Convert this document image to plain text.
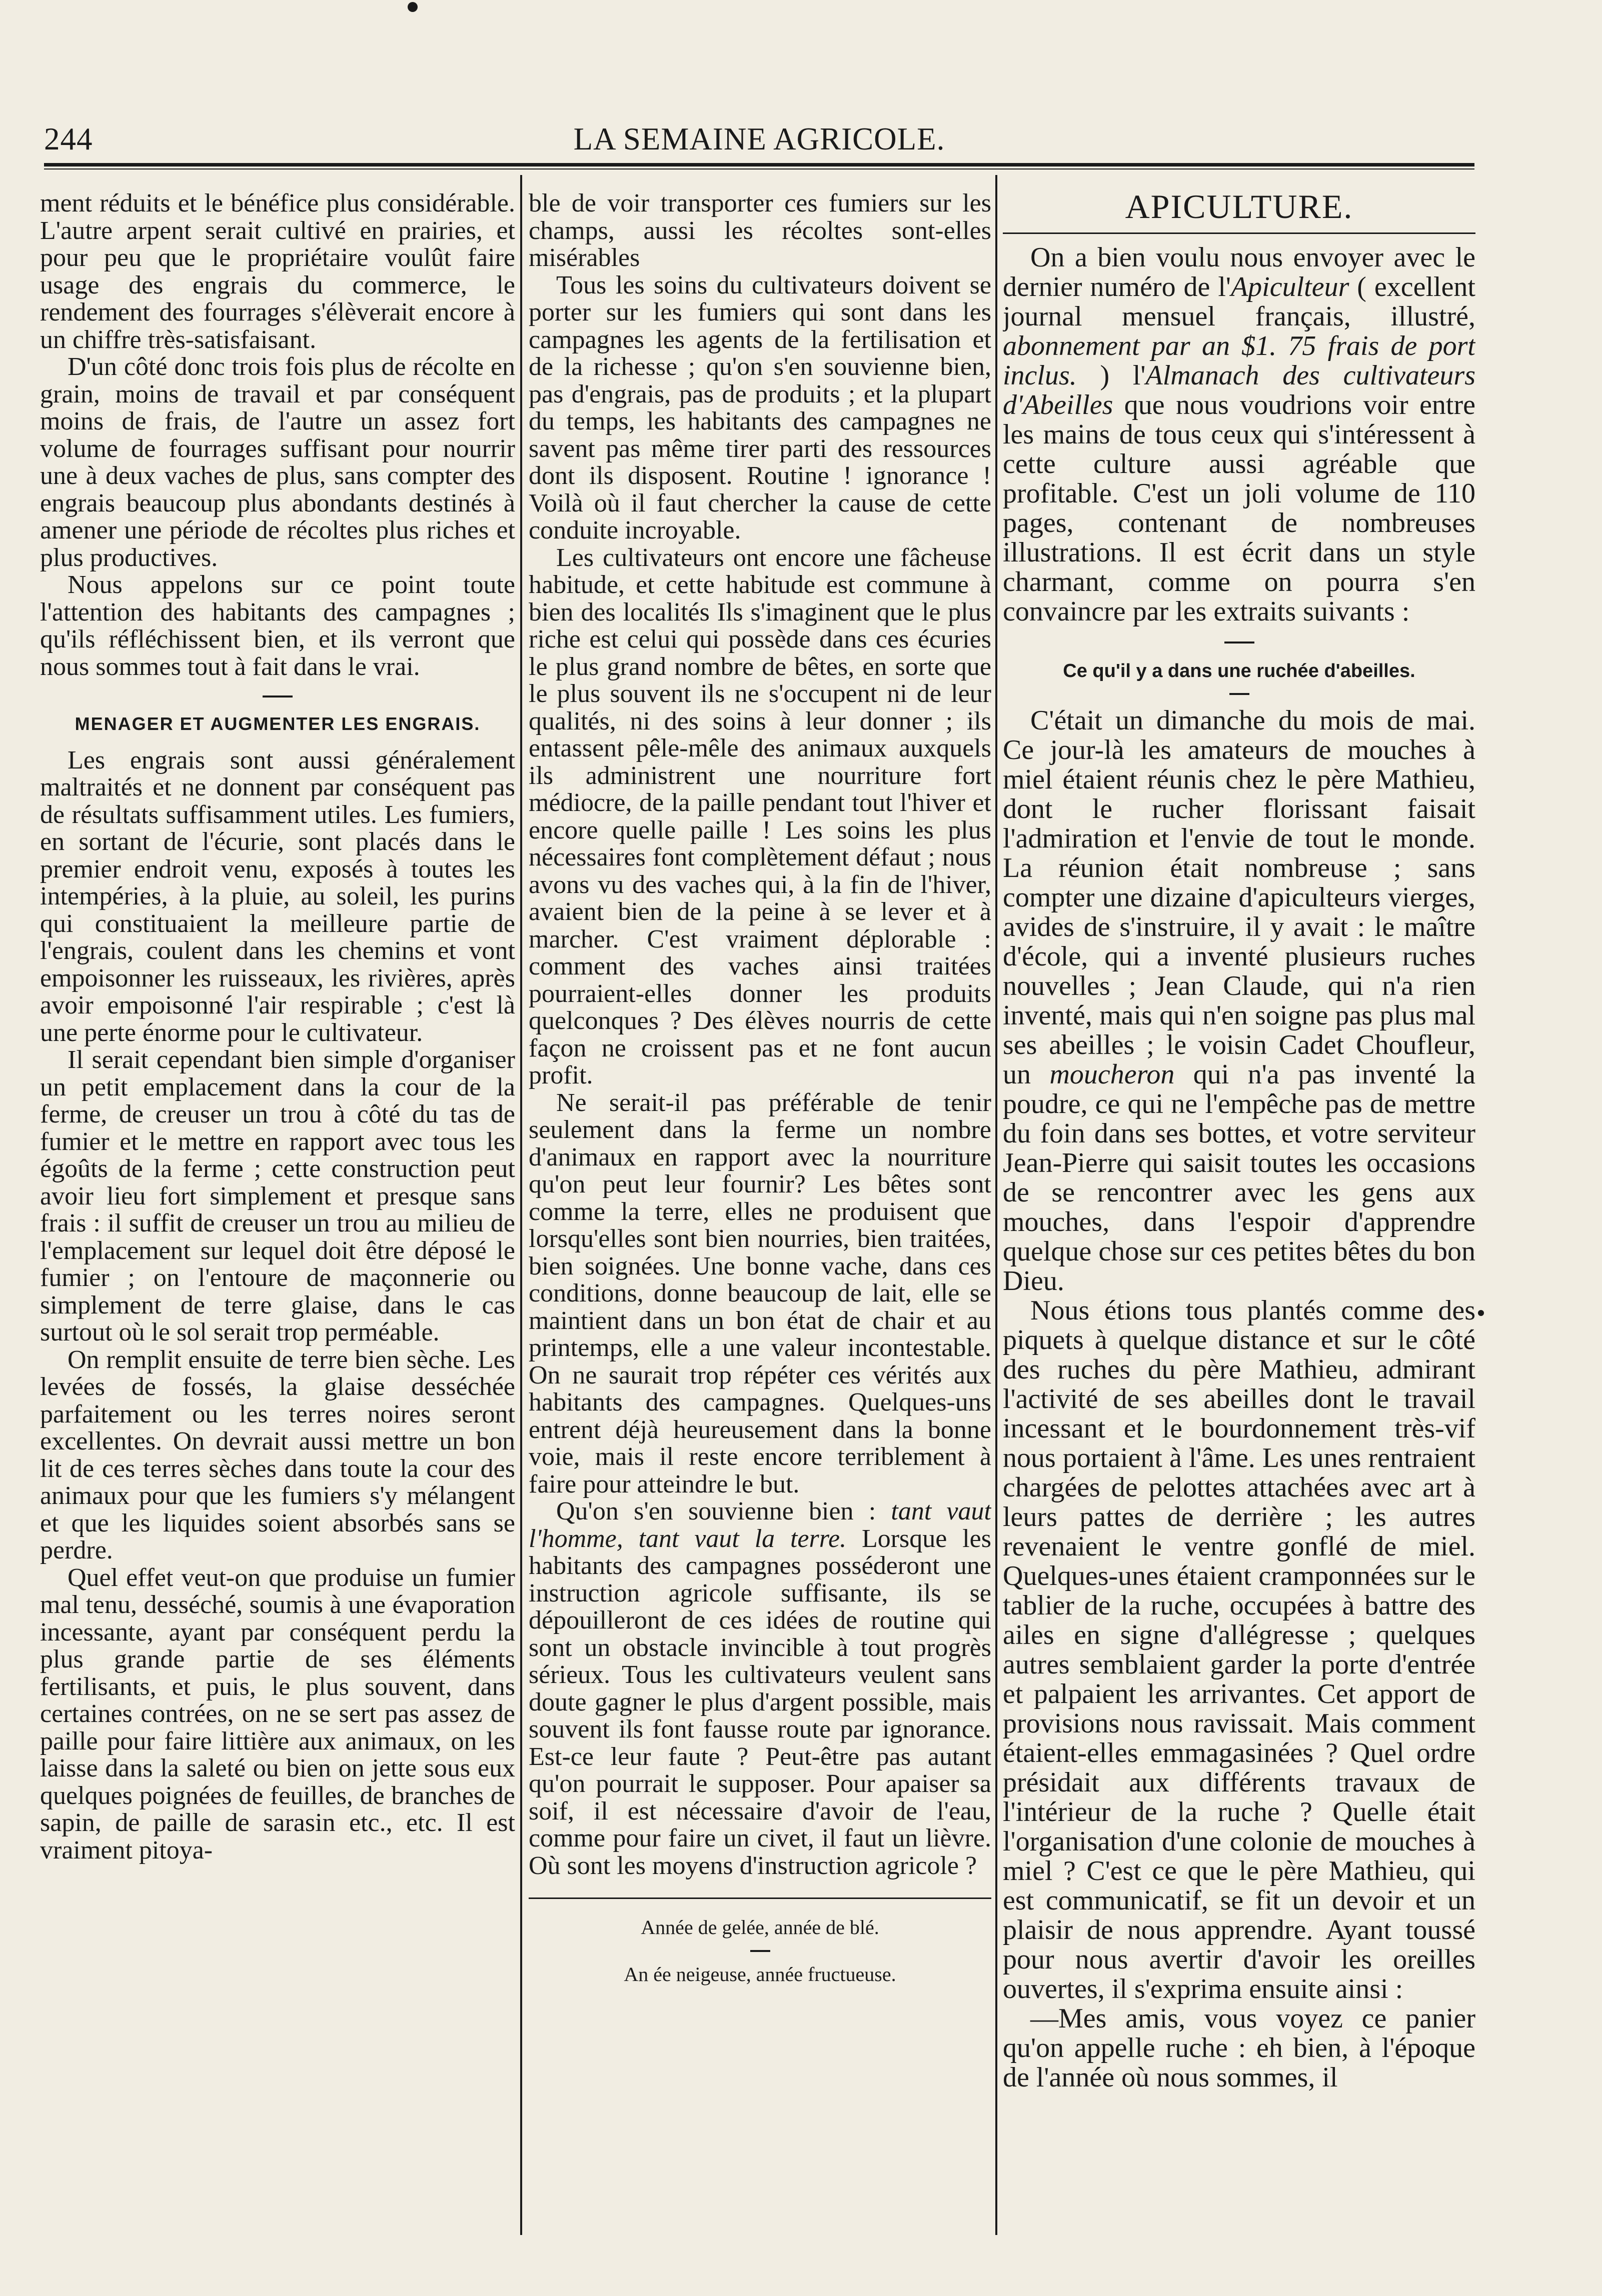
244	LA SEMAINE AGRICOLE.

ment réduits et le bénéfice plus considérable. L'autre arpent serait cultivé en prairies, et pour peu que le propriétaire voulût faire usage des engrais du commerce, le rendement des fourrages s'élèverait encore à un chiffre très-satisfaisant.

D'un côté donc trois fois plus de récolte en grain, moins de travail et par conséquent moins de frais, de l'autre un assez fort volume de fourrages suffisant pour nourrir une à deux vaches de plus, sans compter des engrais beaucoup plus abondants destinés à amener une période de récoltes plus riches et plus productives.

Nous appelons sur ce point toute l'attention des habitants des campagnes ; qu'ils réfléchissent bien, et ils verront que nous sommes tout à fait dans le vrai.

MENAGER ET AUGMENTER LES ENGRAIS.

Les engrais sont aussi généralement maltraités et ne donnent par conséquent pas de résultats suffisamment utiles. Les fumiers, en sortant de l'écurie, sont placés dans le premier endroit venu, exposés à toutes les intempéries, à la pluie, au soleil, les purins qui constituaient la meilleure partie de l'engrais, coulent dans les chemins et vont empoisonner les ruisseaux, les rivières, après avoir empoisonné l'air respirable ; c'est là une perte énorme pour le cultivateur.

Il serait cependant bien simple d'organiser un petit emplacement dans la cour de la ferme, de creuser un trou à côté du tas de fumier et le mettre en rapport avec tous les égoûts de la ferme ; cette construction peut avoir lieu fort simplement et presque sans frais : il suffit de creuser un trou au milieu de l'emplacement sur lequel doit être déposé le fumier ; on l'entoure de maçonnerie ou simplement de terre glaise, dans le cas surtout où le sol serait trop perméable.

On remplit ensuite de terre bien sèche. Les levées de fossés, la glaise desséchée parfaitement ou les terres noires seront excellentes. On devrait aussi mettre un bon lit de ces terres sèches dans toute la cour des animaux pour que les fumiers s'y mélangent et que les liquides soient absorbés sans se perdre.

Quel effet veut-on que produise un fumier mal tenu, desséché, soumis à une évaporation incessante, ayant par conséquent perdu la plus grande partie de ses éléments fertilisants, et puis, le plus souvent, dans certaines contrées, on ne se sert pas assez de paille pour faire littière aux animaux, on les laisse dans la saleté ou bien on jette sous eux quelques poignées de feuilles, de branches de sapin, de paille de sarasin etc., etc. Il est vraiment pitoya-

ble de voir transporter ces fumiers sur les champs, aussi les récoltes sont-elles misérables

Tous les soins du cultivateurs doivent se porter sur les fumiers qui sont dans les campagnes les agents de la fertilisation et de la richesse ; qu'on s'en souvienne bien, pas d'engrais, pas de produits ; et la plupart du temps, les habitants des campagnes ne savent pas même tirer parti des ressources dont ils disposent. Routine ! ignorance ! Voilà où il faut chercher la cause de cette conduite incroyable.

Les cultivateurs ont encore une fâcheuse habitude, et cette habitude est commune à bien des localités Ils s'imaginent que le plus riche est celui qui possède dans ces écuries le plus grand nombre de bêtes, en sorte que le plus souvent ils ne s'occupent ni de leur qualités, ni des soins à leur donner ; ils entassent pêle-mêle des animaux auxquels ils administrent une nourriture fort médiocre, de la paille pendant tout l'hiver et encore quelle paille ! Les soins les plus nécessaires font complètement défaut ; nous avons vu des vaches qui, à la fin de l'hiver, avaient bien de la peine à se lever et à marcher. C'est vraiment déplorable : comment des vaches ainsi traitées pourraient-elles donner les produits quelconques ? Des élèves nourris de cette façon ne croissent pas et ne font aucun profit.

Ne serait-il pas préférable de tenir seulement dans la ferme un nombre d'animaux en rapport avec la nourriture qu'on peut leur fournir? Les bêtes sont comme la terre, elles ne produisent que lorsqu'elles sont bien nourries, bien traitées, bien soignées. Une bonne vache, dans ces conditions, donne beaucoup de lait, elle se maintient dans un bon état de chair et au printemps, elle a une valeur incontestable. On ne saurait trop répéter ces vérités aux habitants des campagnes. Quelques-uns entrent déjà heureusement dans la bonne voie, mais il reste encore terriblement à faire pour atteindre le but.

Qu'on s'en souvienne bien : tant vaut l'homme, tant vaut la terre. Lorsque les habitants des campagnes posséderont une instruction agricole suffisante, ils se dépouilleront de ces idées de routine qui sont un obstacle invincible à tout progrès sérieux. Tous les cultivateurs veulent sans doute gagner le plus d'argent possible, mais souvent ils font fausse route par ignorance. Est-ce leur faute ? Peut-être pas autant qu'on pourrait le supposer. Pour apaiser sa soif, il est nécessaire d'avoir de l'eau, comme pour faire un civet, il faut un lièvre. Où sont les moyens d'instruction agricole ?

Année de gelée, année de blé.
An ée neigeuse, année fructueuse.
APICULTURE.

On a bien voulu nous envoyer avec le dernier numéro de l'Apiculteur ( excellent journal mensuel français, illustré, abonnement par an $1. 75 frais de port inclus. ) l'Almanach des cultivateurs d'Abeilles que nous voudrions voir entre les mains de tous ceux qui s'intéressent à cette culture aussi agréable que profitable. C'est un joli volume de 110 pages, contenant de nombreuses illustrations. Il est écrit dans un style charmant, comme on pourra s'en convaincre par les extraits suivants :

Ce qu'il y a dans une ruchée d'abeilles.

C'était un dimanche du mois de mai. Ce jour-là les amateurs de mouches à miel étaient réunis chez le père Mathieu, dont le rucher florissant faisait l'admiration et l'envie de tout le monde. La réunion était nombreuse ; sans compter une dizaine d'apiculteurs vierges, avides de s'instruire, il y avait : le maître d'école, qui a inventé plusieurs ruches nouvelles ; Jean Claude, qui n'a rien inventé, mais qui n'en soigne pas plus mal ses abeilles ; le voisin Cadet Choufleur, un moucheron qui n'a pas inventé la poudre, ce qui ne l'empêche pas de mettre du foin dans ses bottes, et votre serviteur Jean-Pierre qui saisit toutes les occasions de se rencontrer avec les gens aux mouches, dans l'espoir d'apprendre quelque chose sur ces petites bêtes du bon Dieu.

Nous étions tous plantés comme des piquets à quelque distance et sur le côté des ruches du père Mathieu, admirant l'activité de ses abeilles dont le travail incessant et le bourdonnement très-vif nous portaient à l'âme. Les unes rentraient chargées de pelottes attachées avec art à leurs pattes de derrière ; les autres revenaient le ventre gonflé de miel. Quelques-unes étaient cramponnées sur le tablier de la ruche, occupées à battre des ailes en signe d'allégresse ; quelques autres semblaient garder la porte d'entrée et palpaient les arrivantes. Cet apport de provisions nous ravissait. Mais comment étaient-elles emmagasinées ? Quel ordre présidait aux différents travaux de l'intérieur de la ruche ? Quelle était l'organisation d'une colonie de mouches à miel ? C'est ce que le père Mathieu, qui est communicatif, se fit un devoir et un plaisir de nous apprendre. Ayant toussé pour nous avertir d'avoir les oreilles ouvertes, il s'exprima ensuite ainsi :

—Mes amis, vous voyez ce panier qu'on appelle ruche : eh bien, à l'époque de l'année où nous sommes, il
